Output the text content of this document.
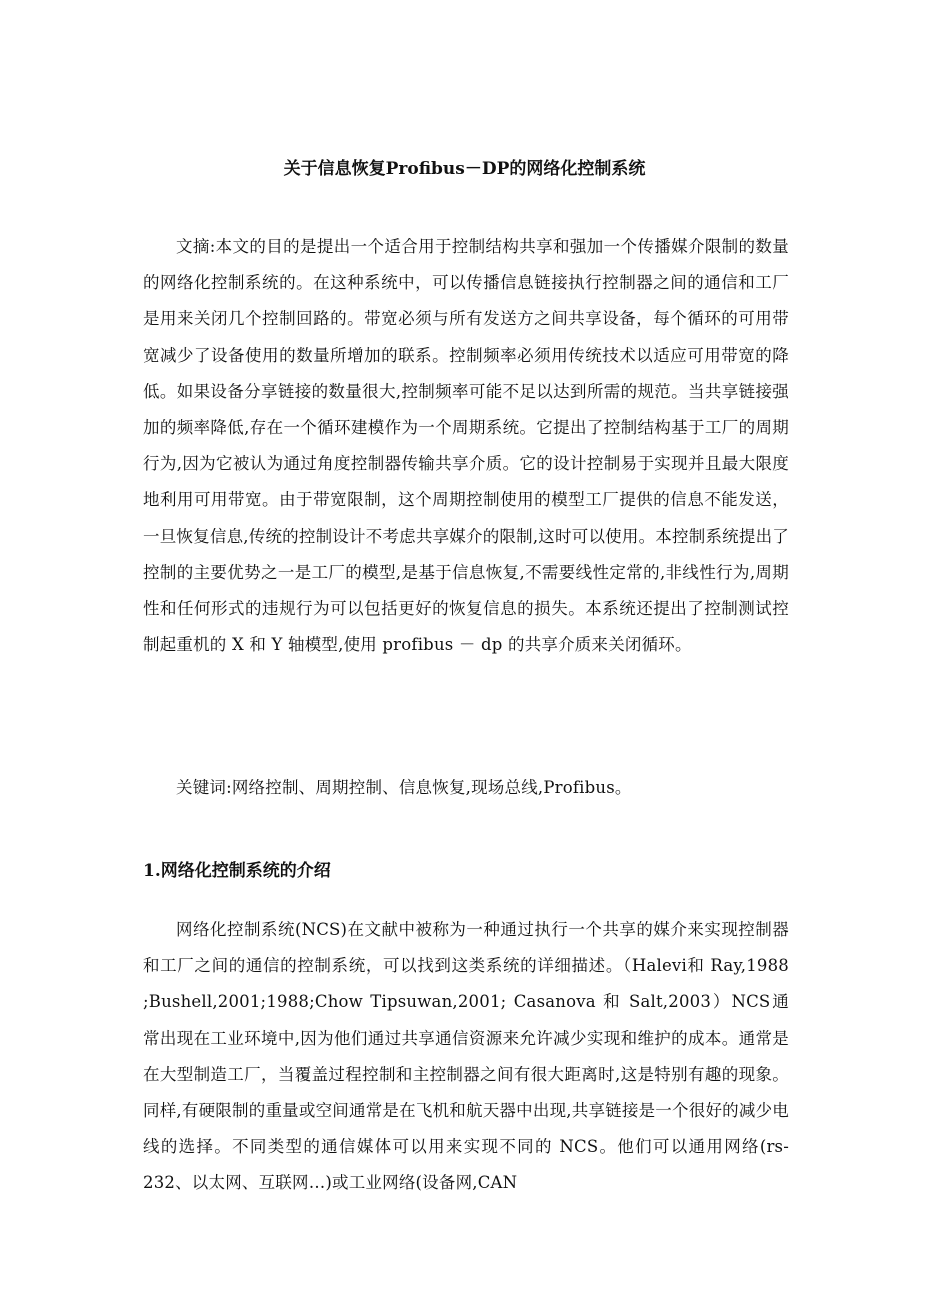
关于信息恢复Profibus－DP的网络化控制系统

文摘:本文的目的是提出一个适合用于控制结构共享和强加一个传播媒介限制的数量的网络化控制系统的。在这种系统中，可以传播信息链接执行控制器之间的通信和工厂是用来关闭几个控制回路的。带宽必须与所有发送方之间共享设备，每个循环的可用带宽减少了设备使用的数量所增加的联系。控制频率必须用传统技术以适应可用带宽的降低。如果设备分享链接的数量很大,控制频率可能不足以达到所需的规范。当共享链接强加的频率降低,存在一个循环建模作为一个周期系统。它提出了控制结构基于工厂的周期行为,因为它被认为通过角度控制器传输共享介质。它的设计控制易于实现并且最大限度地利用可用带宽。由于带宽限制，这个周期控制使用的模型工厂提供的信息不能发送，一旦恢复信息,传统的控制设计不考虑共享媒介的限制,这时可以使用。本控制系统提出了控制的主要优势之一是工厂的模型,是基于信息恢复,不需要线性定常的,非线性行为,周期性和任何形式的违规行为可以包括更好的恢复信息的损失。本系统还提出了控制测试控制起重机的 X 和 Y 轴模型,使用 profibus － dp 的共享介质来关闭循环。

关键词:网络控制、周期控制、信息恢复,现场总线,Profibus。

1.网络化控制系统的介绍

网络化控制系统(NCS)在文献中被称为一种通过执行一个共享的媒介来实现控制器和工厂之间的通信的控制系统，可以找到这类系统的详细描述。（Halevi和 Ray,1988 ;Bushell,2001;1988;Chow Tipsuwan,2001; Casanova 和 Salt,2003）NCS通常出现在工业环境中,因为他们通过共享通信资源来允许减少实现和维护的成本。通常是在大型制造工厂，当覆盖过程控制和主控制器之间有很大距离时,这是特别有趣的现象。同样,有硬限制的重量或空间通常是在飞机和航天器中出现,共享链接是一个很好的减少电线的选择。不同类型的通信媒体可以用来实现不同的 NCS。他们可以通用网络(rs-232、以太网、互联网…)或工业网络(设备网,CAN
